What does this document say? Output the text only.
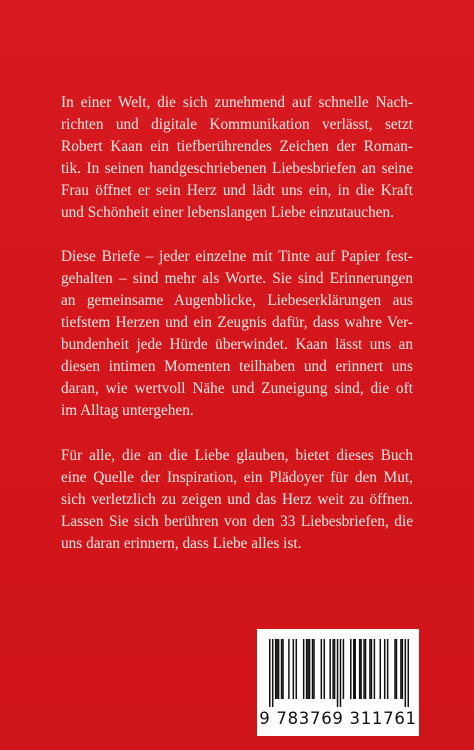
In einer Welt, die sich zunehmend auf schnelle Nach-
richten und digitale Kommunikation verlässt, setzt
Robert Kaan ein tiefberührendes Zeichen der Roman-
tik. In seinen handgeschriebenen Liebesbriefen an seine
Frau öffnet er sein Herz und lädt uns ein, in die Kraft
und Schönheit einer lebenslangen Liebe einzutauchen.

Diese Briefe – jeder einzelne mit Tinte auf Papier fest-
gehalten – sind mehr als Worte. Sie sind Erinnerungen
an gemeinsame Augenblicke, Liebeserklärungen aus
tiefstem Herzen und ein Zeugnis dafür, dass wahre Ver-
bundenheit jede Hürde überwindet. Kaan lässt uns an
diesen intimen Momenten teilhaben und erinnert uns
daran, wie wertvoll Nähe und Zuneigung sind, die oft
im Alltag untergehen.

Für alle, die an die Liebe glauben, bietet dieses Buch
eine Quelle der Inspiration, ein Plädoyer für den Mut,
sich verletzlich zu zeigen und das Herz weit zu öffnen.
Lassen Sie sich berühren von den 33 Liebesbriefen, die
uns daran erinnern, dass Liebe alles ist.

9 783769 311761
